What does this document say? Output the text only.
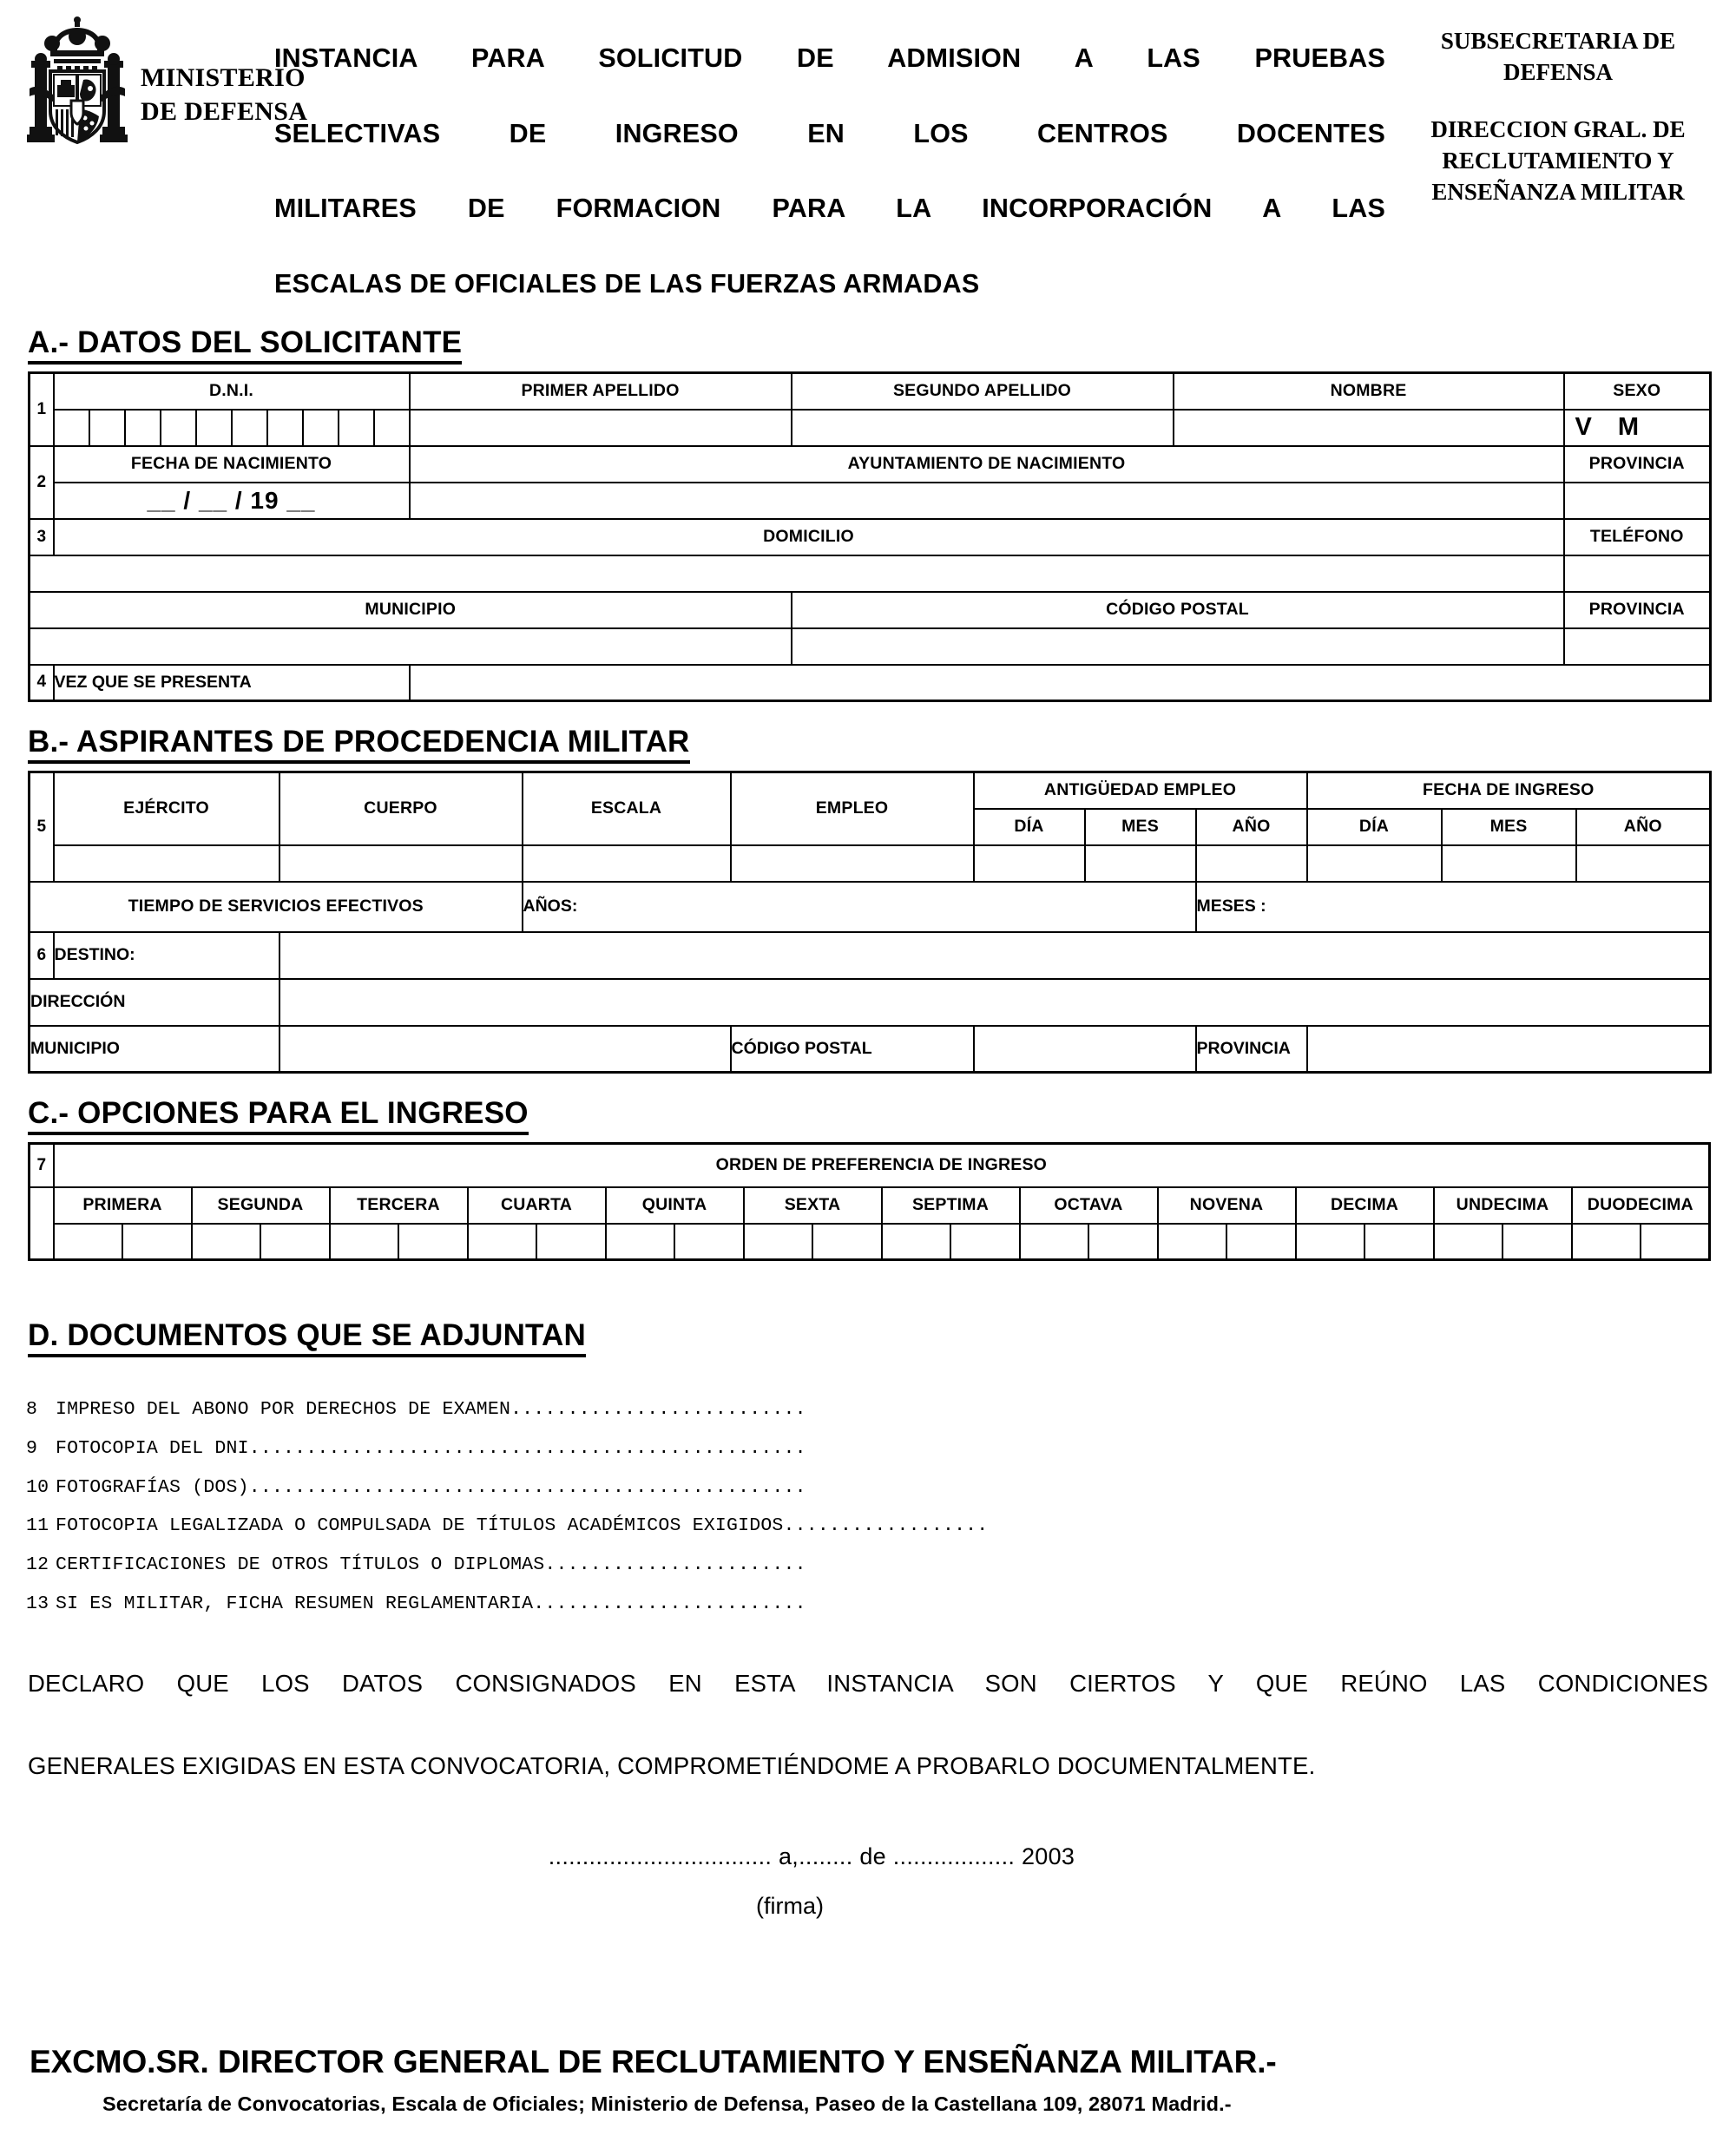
MINISTERIO
DE DEFENSA
INSTANCIA PARA SOLICITUD DE ADMISION A LAS PRUEBAS
SELECTIVAS DE INGRESO EN LOS CENTROS DOCENTES
MILITARES DE FORMACION PARA LA INCORPORACIÓN A LAS
ESCALAS DE OFICIALES DE LAS FUERZAS ARMADAS
SUBSECRETARIA DE
DEFENSA
DIRECCION GRAL. DE
RECLUTAMIENTO Y
ENSEÑANZA MILITAR
A.- DATOS DEL SOLICITANTE
1	D.N.I.	PRIMER APELLIDO	SEGUNDO APELLIDO	NOMBRE	SEXO

					V M

2	FECHA DE NACIMIENTO	AYUNTAMIENTO DE NACIMIENTO			PROVINCIA
	__ / __ / 19 __				
3	DOMICILIO				TELÉFONO

MUNICIPIO			CÓDIGO POSTAL		PROVINCIA

4	VEZ QUE SE PRESENTA				
B.- ASPIRANTES DE PROCEDENCIA MILITAR
5	EJÉRCITO	CUERPO	ESCALA	EMPLEO	ANTIGÜEDAD EMPLEO			FECHA DE INGRESO		
					DÍA	MES	AÑO	DÍA	MES	AÑO

TIEMPO DE SERVICIOS EFECTIVOS			AÑOS:				MESES :			
6	DESTINO:									
DIRECCIÓN										
MUNICIPIO				CÓDIGO POSTAL			PROVINCIA			
C.- OPCIONES PARA EL INGRESO
7	ORDEN DE PREFERENCIA DE INGRESO											
	PRIMERA	SEGUNDA	TERCERA	CUARTA	QUINTA	SEXTA	SEPTIMA	OCTAVA	NOVENA	DECIMA	UNDECIMA	DUODECIMA

D. DOCUMENTOS QUE SE ADJUNTAN
8 IMPRESO DEL ABONO POR DERECHOS DE EXAMEN..........................
9 FOTOCOPIA DEL DNI.................................................
10 FOTOGRAFÍAS (DOS).................................................
11 FOTOCOPIA LEGALIZADA O COMPULSADA DE TÍTULOS ACADÉMICOS EXIGIDOS..................
12 CERTIFICACIONES DE OTROS TÍTULOS O DIPLOMAS.......................
13 SI ES MILITAR, FICHA RESUMEN REGLAMENTARIA........................
DECLARO QUE LOS DATOS CONSIGNADOS EN ESTA INSTANCIA SON CIERTOS Y QUE REÚNO LAS CONDICIONES
GENERALES EXIGIDAS EN ESTA CONVOCATORIA, COMPROMETIÉNDOME A PROBARLO DOCUMENTALMENTE.
................................. a,........ de .................. 2003
(firma)
EXCMO.SR. DIRECTOR GENERAL DE RECLUTAMIENTO Y ENSEÑANZA MILITAR.-
Secretaría de Convocatorias, Escala de Oficiales; Ministerio de Defensa, Paseo de la Castellana 109, 28071 Madrid.-
